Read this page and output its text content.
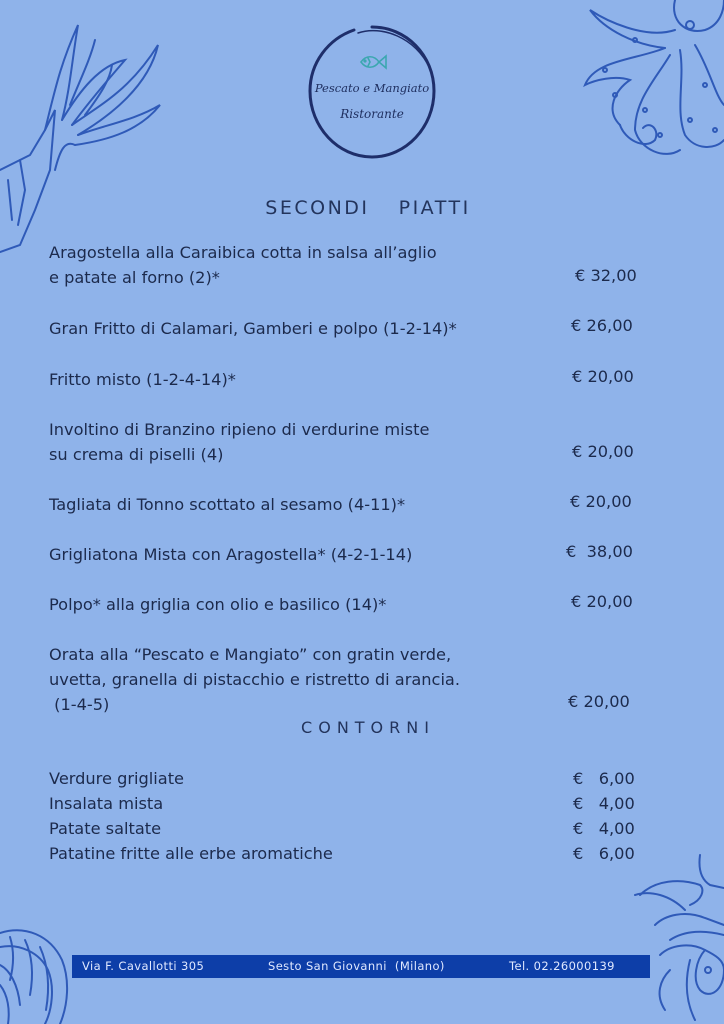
Pescato e Mangiato
Ristorante
SECONDI  PIATTI
Aragostella alla Caraibica cotta in salsa all’aglio
e patate al forno (2)*	€ 32,00
Gran Fritto di Calamari, Gamberi e polpo (1-2-14)*	€ 26,00
Fritto misto (1-2-4-14)*	€ 20,00
Involtino di Branzino ripieno di verdurine miste
su crema di piselli (4)	€ 20,00
Tagliata di Tonno scottato al sesamo (4-11)*	€ 20,00
Grigliatona Mista con Aragostella* (4-2-1-14)	€  38,00
Polpo* alla griglia con olio e basilico (14)*	€ 20,00
Orata alla “Pescato e Mangiato” con gratin verde,
uvetta, granella di pistacchio e ristretto di arancia.
(1-4-5)	€ 20,00
CONTORNI
Verdure grigliate	€   6,00
Insalata mista	€   4,00
Patate saltate	€   4,00
Patatine fritte alle erbe aromatiche	€   6,00
Via F. Cavallotti 305	Sesto San Giovanni  (Milano)	Tel. 02.26000139
